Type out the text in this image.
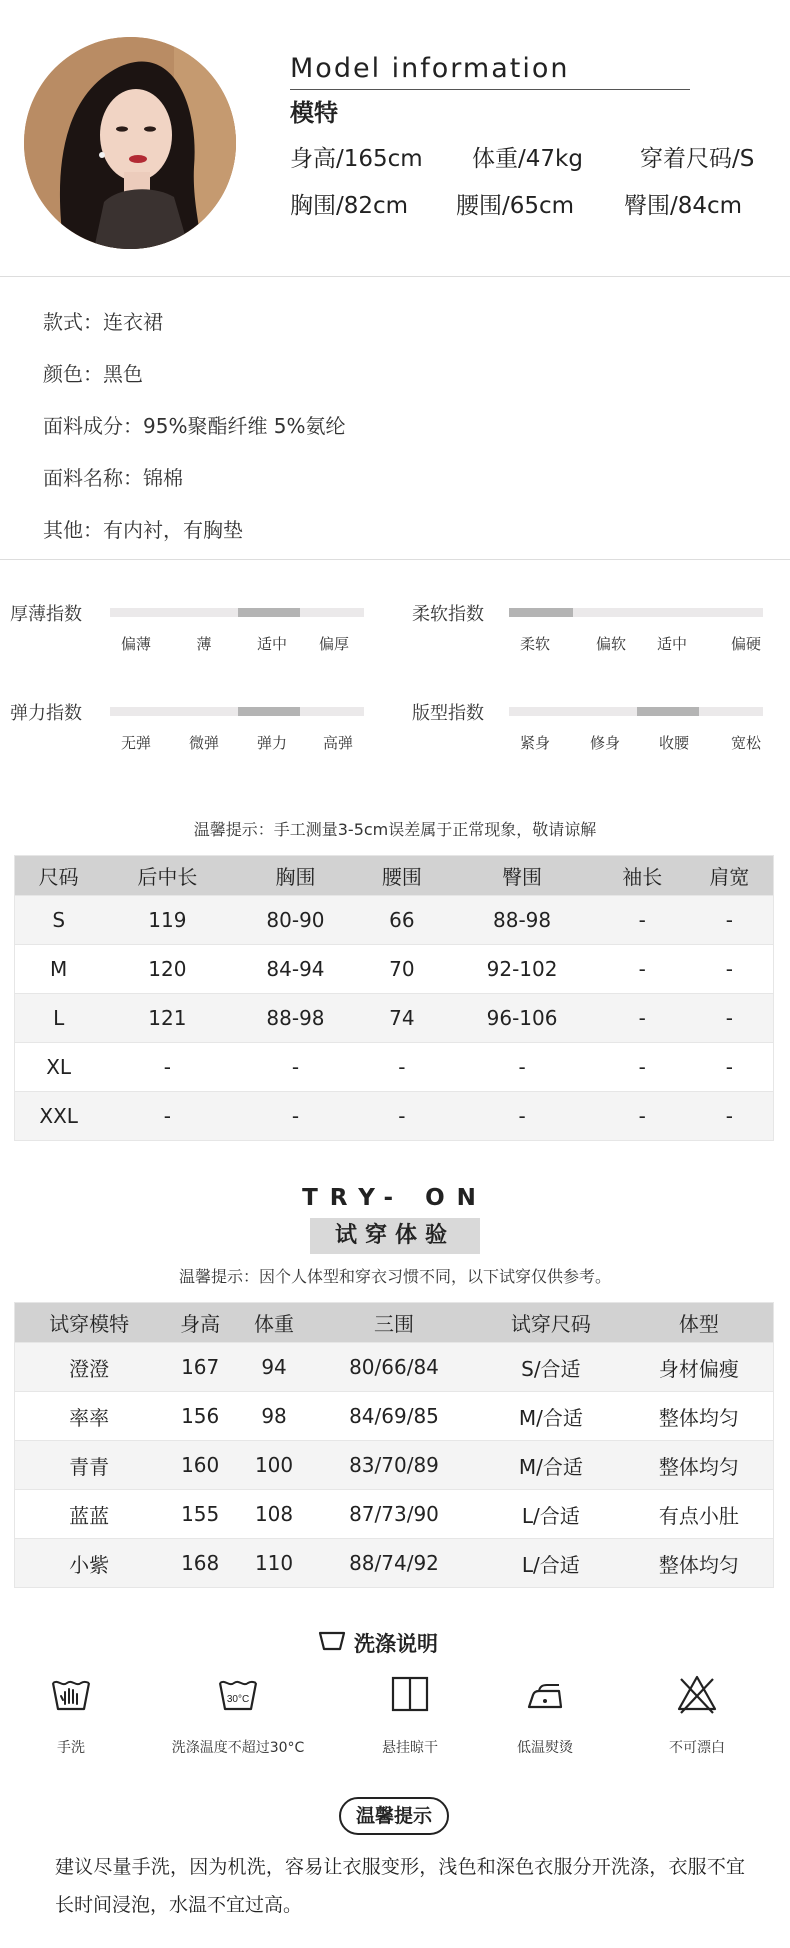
Model information
模特
身高/165cm 体重/47kg 穿着尺码/S
胸围/82cm 腰围/65cm 臀围/84cm
款式：连衣裙
颜色：黑色
面料成分：95%聚酯纤维 5%氨纶
面料名称：锦棉
其他：有内衬，有胸垫
厚薄指数
偏薄	薄	适中 偏厚
柔软指数
柔软	偏软 适中	偏硬
弹力指数
无弹	微弹	弹力 高弹
版型指数
紧身	修身	收腰	宽松
温馨提示：手工测量3-5cm误差属于正常现象，敬请谅解
尺码	后中长	胸围	腰围	臀围	袖长	肩宽
S	119	80-90	66	88-98	-	-
M	120	84-94	70	92-102	-	-
L	121	88-98	74	96-106	-	-
XL	-	-	-	-	-	-
XXL	-	-	-	-	-	-
TRY- ON
试穿体验
温馨提示：因个人体型和穿衣习惯不同，以下试穿仅供参考。
试穿模特	身高	体重	三围	试穿尺码	体型
澄澄	167	94	80/66/84	S/合适	身材偏瘦
率率	156	98	84/69/85	M/合适	整体均匀
青青	160	100	83/70/89	M/合适	整体均匀
蓝蓝	155	108	87/73/90	L/合适	有点小肚
小紫	168	110	88/74/92	L/合适	整体均匀
洗涤说明
手洗
30°C
洗涤温度不超过30°C	悬挂晾干	低温熨烫	不可漂白
温馨提示
建议尽量手洗，因为机洗，容易让衣服变形，浅色和深色衣服分开洗涤，衣服不宜长时间浸泡，水温不宜过高。
